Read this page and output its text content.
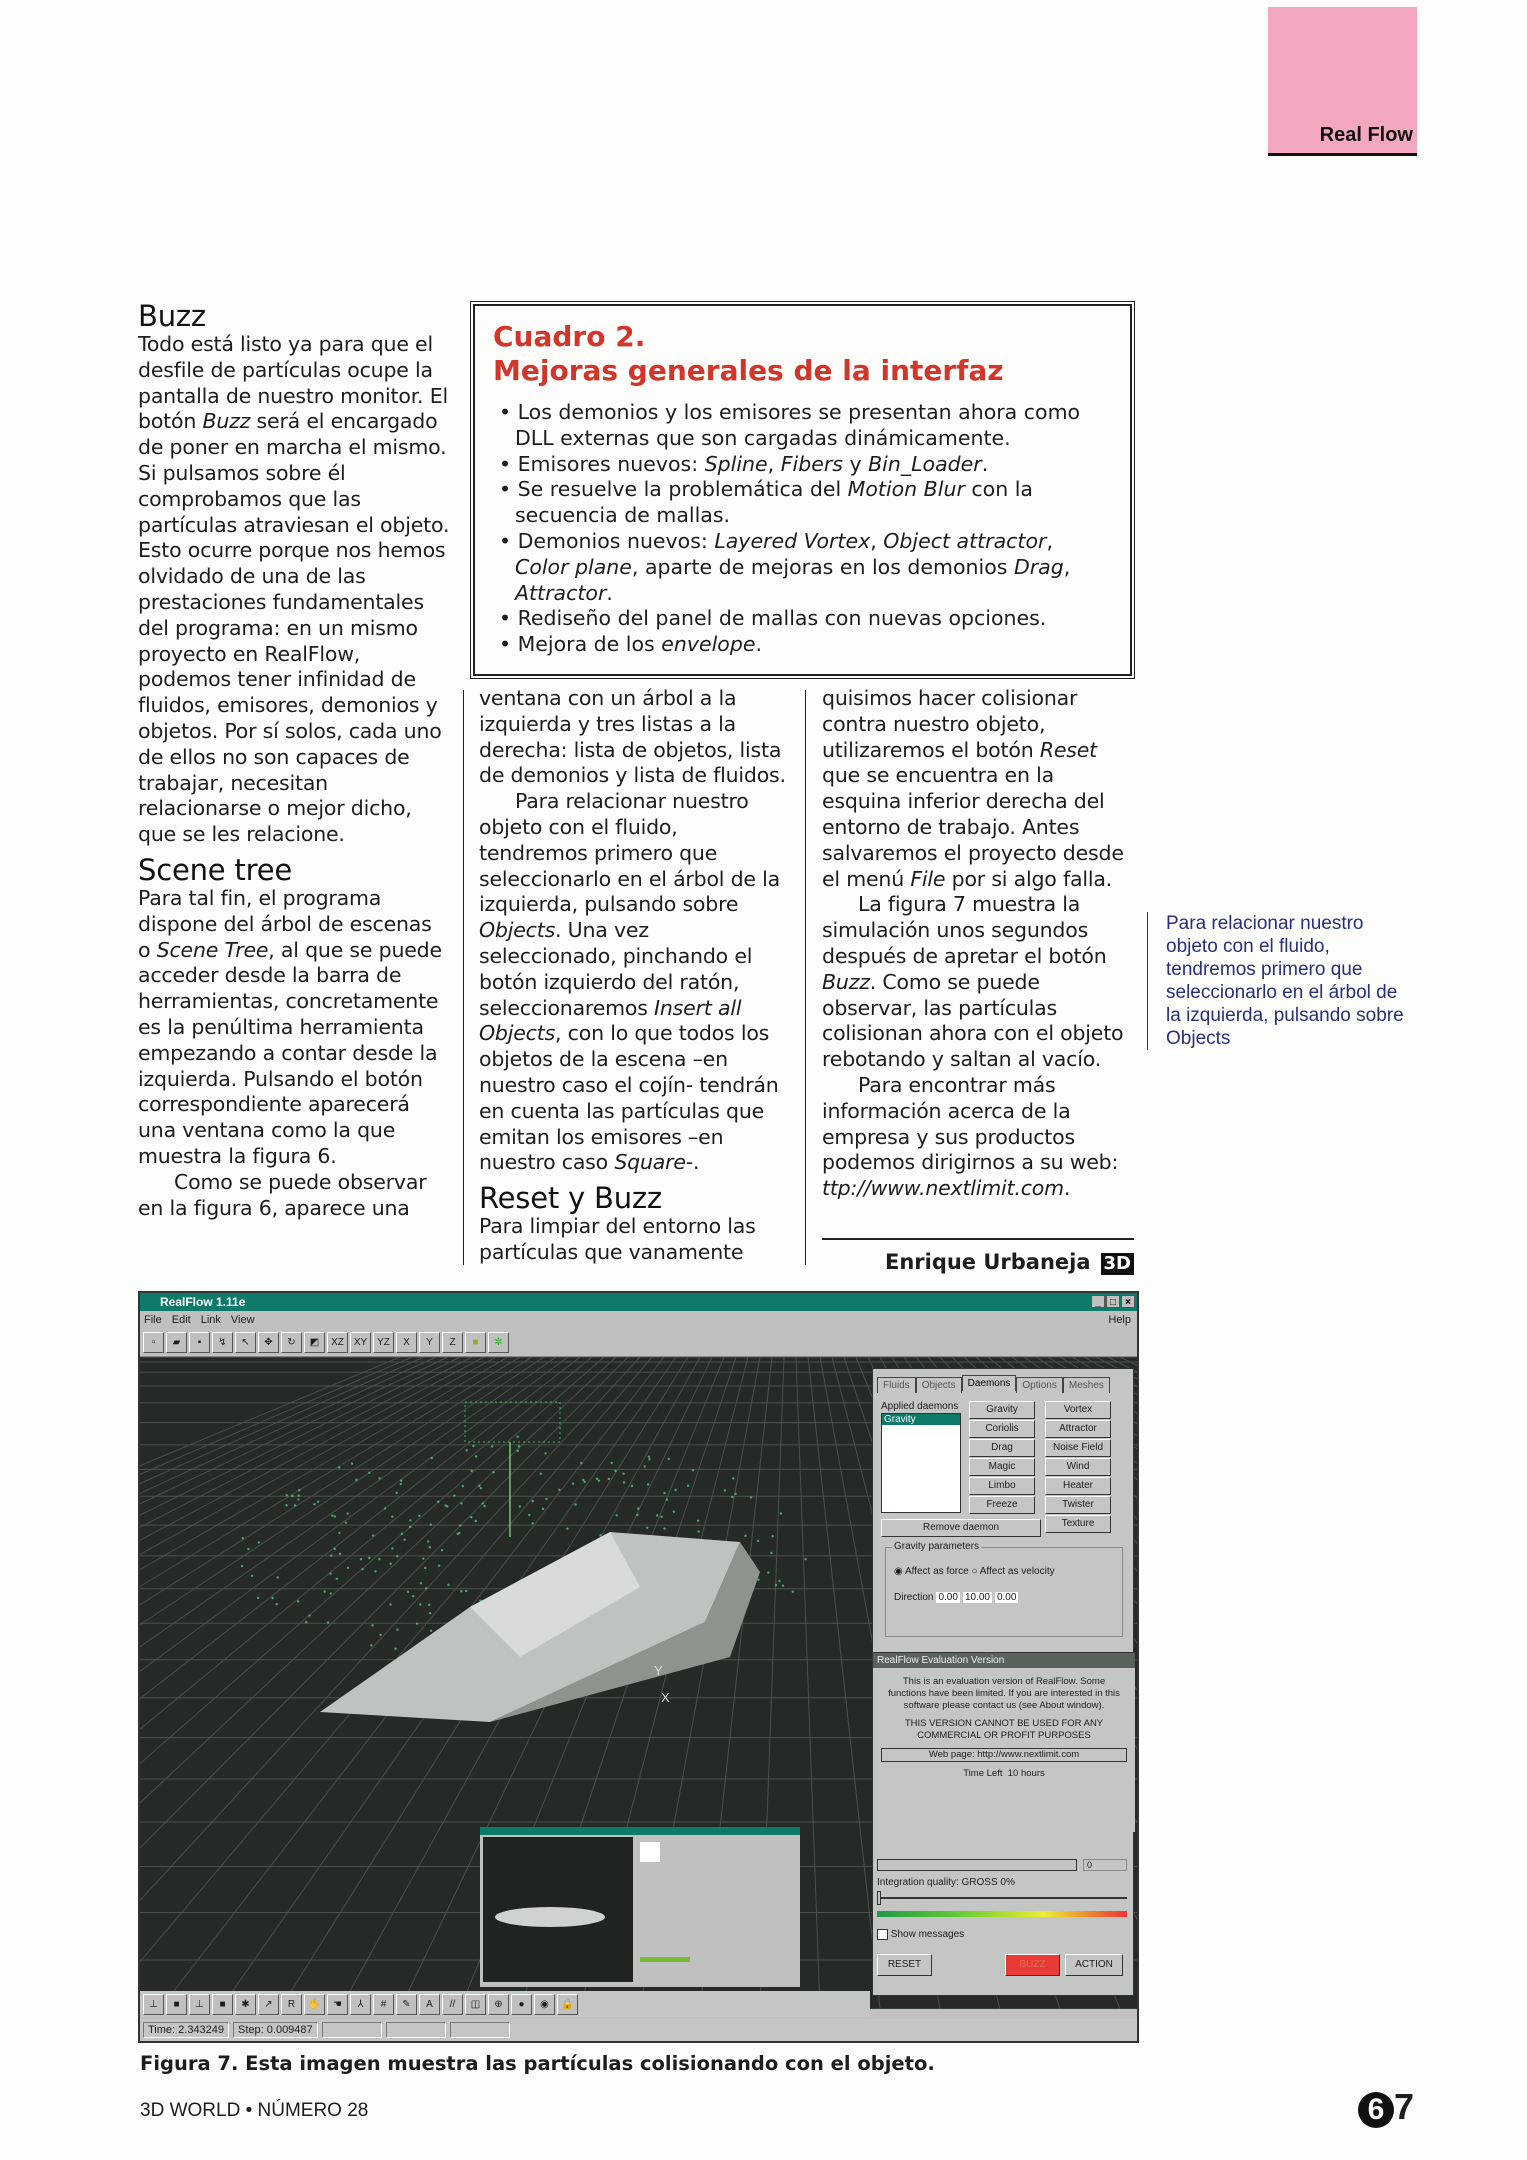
Real Flow
Buzz

Todo está listo ya para que el desfile de partículas ocupe la pantalla de nuestro monitor. El botón Buzz será el encargado de poner en marcha el mismo. Si pulsamos sobre él comprobamos que las partículas atraviesan el objeto. Esto ocurre porque nos hemos olvidado de una de las prestaciones fundamentales del programa: en un mismo proyecto en RealFlow, podemos tener infinidad de fluidos, emisores, demonios y objetos. Por sí solos, cada uno de ellos no son capaces de trabajar, necesitan relacionarse o mejor dicho, que se les relacione.

Scene tree

Para tal fin, el programa dispone del árbol de escenas o Scene Tree, al que se puede acceder desde la barra de herramientas, concretamente es la penúltima herramienta empezando a contar desde la izquierda. Pulsando el botón correspondiente aparecerá una ventana como la que muestra la figura 6.

Como se puede observar en la figura 6, aparece una

ventana con un árbol a la izquierda y tres listas a la derecha: lista de objetos, lista de demonios y lista de fluidos.

Para relacionar nuestro objeto con el fluido, tendremos primero que seleccionarlo en el árbol de la izquierda, pulsando sobre Objects. Una vez seleccionado, pinchando el botón izquierdo del ratón, seleccionaremos Insert all Objects, con lo que todos los objetos de la escena –en nuestro caso el cojín- tendrán en cuenta las partículas que emitan los emisores –en nuestro caso Square-.

Reset y Buzz

Para limpiar del entorno las partículas que vanamente

quisimos hacer colisionar contra nuestro objeto, utilizaremos el botón Reset que se encuentra en la esquina inferior derecha del entorno de trabajo. Antes salvaremos el proyecto desde el menú File por si algo falla.

La figura 7 muestra la simulación unos segundos después de apretar el botón Buzz. Como se puede observar, las partículas colisionan ahora con el objeto rebotando y saltan al vacío.

Para encontrar más información acerca de la empresa y sus productos podemos dirigirnos a su web: ttp://www.nextlimit.com.

Cuadro 2.
Mejoras generales de la interfaz
• Los demonios y los emisores se presentan ahora como DLL externas que son cargadas dinámicamente.
• Emisores nuevos: Spline, Fibers y Bin_Loader.
• Se resuelve la problemática del Motion Blur con la secuencia de mallas.
• Demonios nuevos: Layered Vortex, Object attractor, Color plane, aparte de mejoras en los demonios Drag, Attractor.
• Rediseño del panel de mallas con nuevas opciones.
• Mejora de los envelope.
Enrique Urbaneja 3D
Para relacionar nuestro objeto con el fluido, tendremos primero que seleccionarlo en el árbol de la izquierda, pulsando sobre Objects
RealFlow 1.11e	_ □ ×
File Edit Link View	Help
▫	▰	▪	↯	↖	✥	↻	◩	XZ XY YZ	X	Y	Z	■	✲
Y
X
Fluids	Objects	Daemons	Options	Meshes
Applied daemons
Gravity
Gravity
Coriolis
Drag
Magic
Limbo
Freeze
Vortex
Attractor
Noise Field
Wind
Heater
Twister
Texture
Remove daemon
Gravity parameters
◉ Affect as force ○ Affect as velocity
Direction 0.00 10.00 0.00
RealFlow Evaluation Version

This is an evaluation version of RealFlow. Some functions have been limited. If you are interested in this software please contact us (see About window).

THIS VERSION CANNOT BE USED FOR ANY COMMERCIAL OR PROFIT PURPOSES

Web page: http://www.nextlimit.com

Time Left 10 hours

0
Integration quality: GROSS 0%
Show messages
RESET	BUZZ	ACTION
⊥	■	⊥	■	✱	↗	R	✋	☚	⅄	#	✎	A	//	◫	⊕	●	◉	🔒
Time: 2.343249	Step: 0.009487
Figura 7. Esta imagen muestra las partículas colisionando con el objeto.
3D WORLD • NÚMERO 28	6 7
